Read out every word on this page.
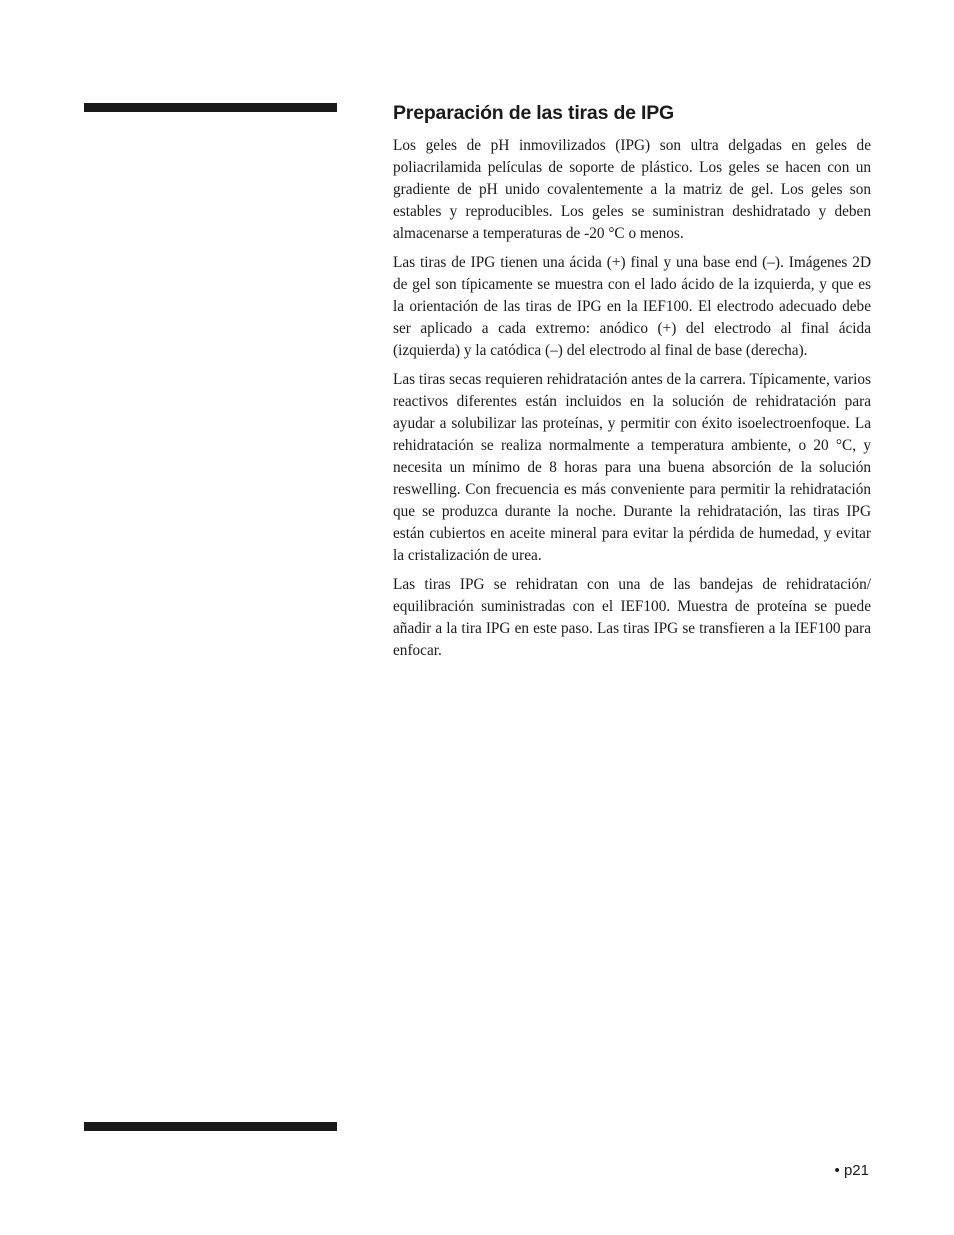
Preparación de las tiras de IPG

Los geles de pH inmovilizados (IPG) son ultra delgadas en geles de poliacrilamida películas de soporte de plástico. Los geles se hacen con un gradiente de pH unido covalentemente a la matriz de gel. Los geles son estables y reproducibles. Los geles se suministran deshidratado y deben almacenarse a temperaturas de -20 °C o menos.

Las tiras de IPG tienen una ácida (+) final y una base end (–). Imágenes 2D de gel son típicamente se muestra con el lado ácido de la izquierda, y que es la orientación de las tiras de IPG en la IEF100. El electrodo adecuado debe ser aplicado a cada extremo: anódico (+) del electrodo al final ácida (izquierda) y la catódica (–) del electrodo al final de base (derecha).

Las tiras secas requieren rehidratación antes de la carrera. Típicamente, varios reactivos diferentes están incluidos en la solución de rehidratación para ayudar a solubilizar las proteínas, y permitir con éxito isoelectroenfoque. La rehidratación se realiza normalmente a temperatura ambiente, o 20 °C, y necesita un mínimo de 8 horas para una buena absorción de la solución reswelling. Con frecuencia es más conveniente para permitir la rehidratación que se produzca durante la noche. Durante la rehidratación, las tiras IPG están cubiertos en aceite mineral para evitar la pérdida de humedad, y evitar la cristalización de urea.

Las tiras IPG se rehidratan con una de las bandejas de rehidratación/ equilibración suministradas con el IEF100. Muestra de proteína se puede añadir a la tira IPG en este paso. Las tiras IPG se transfieren a la IEF100 para enfocar.

• p21
